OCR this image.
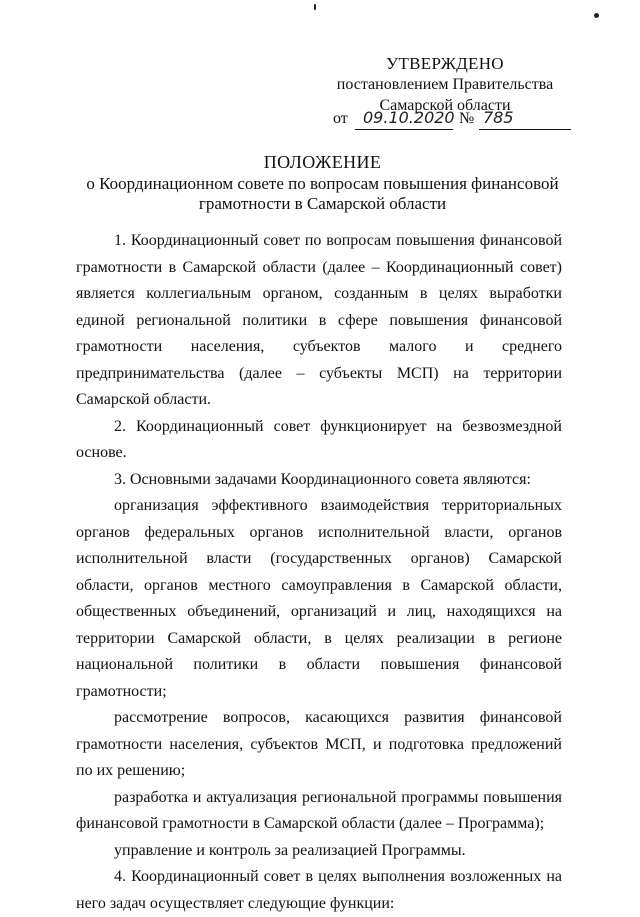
УТВЕРЖДЕНО
постановлением Правительства
Самарской области
от 09.10.2020 № 785
ПОЛОЖЕНИЕ
о Координационном совете по вопросам повышения финансовой
грамотности в Самарской области

1. Координационный совет по вопросам повышения финансовой грамотности в Самарской области (далее – Координационный совет) является коллегиальным органом, созданным в целях выработки единой региональной политики в сфере повышения финансовой грамотности населения, субъектов малого и среднего предпринимательства (далее – субъекты МСП) на территории Самарской области.

2. Координационный совет функционирует на безвозмездной основе.

3. Основными задачами Координационного совета являются:

организация эффективного взаимодействия территориальных органов федеральных органов исполнительной власти, органов исполнительной власти (государственных органов) Самарской области, органов местного самоуправления в Самарской области, общественных объединений, организаций и лиц, находящихся на территории Самарской области, в целях реализации в регионе национальной политики в области повышения финансовой грамотности;

рассмотрение вопросов, касающихся развития финансовой грамотности населения, субъектов МСП, и подготовка предложений по их решению;

разработка и актуализация региональной программы повышения финансовой грамотности в Самарской области (далее – Программа);

управление и контроль за реализацией Программы.

4. Координационный совет в целях выполнения возложенных на него задач осуществляет следующие функции:
